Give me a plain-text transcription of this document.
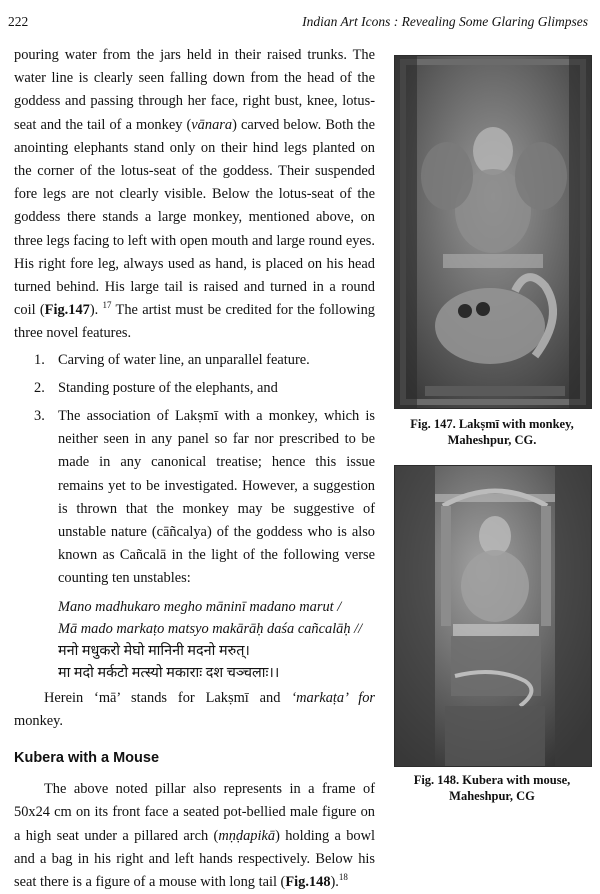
222	Indian Art Icons : Revealing Some Glaring Glimpses

pouring water from the jars held in their raised trunks. The water line is clearly seen falling down from the head of the goddess and passing through her face, right bust, knee, lotus-seat and the tail of a monkey (vānara) carved below. Both the anointing elephants stand only on their hind legs planted on the corner of the lotus-seat of the goddess. Their suspended fore legs are not clearly visible. Below the lotus-seat of the goddess there stands a large monkey, mentioned above, on three legs facing to left with open mouth and large round eyes. His right fore leg, always used as hand, is placed on his head turned behind. His large tail is raised and turned in a round coil (Fig.147). $^{17}$ The artist must be credited for the following three novel features.

1. Carving of water line, an unparallel feature.
2. Standing posture of the elephants, and
3. The association of Lakṣmī with a monkey, which is neither seen in any panel so far nor prescribed to be made in any canonical treatise; hence this issue remains yet to be investigated. However, a suggestion is thrown that the monkey may be suggestive of unstable nature (cāñcalya) of the goddess who is also known as Cañcalā in the light of the following verse counting ten unstables:
Mano madhukaro megho māninī madano marut /
Mā mado markaṭo matsyo makārāḥ daśa cañcalāḥ //
मनो मधुकरो मेघो मानिनी मदनो मरुत्।
मा मदो मर्कटो मत्स्यो मकाराः दश चञ्चलाः।।

Herein ‘mā’ stands for Lakṣmī and ‘markaṭa’ for monkey.

Kubera with a Mouse

The above noted pillar also represents in a frame of 50x24 cm on its front face a seated pot-bellied male figure on a high seat under a pillared arch (mṇḍapikā) holding a bowl and a bag in his right and left hands respectively. Below his seat there is a figure of a mouse with long tail (Fig.148).$^{18}$

Fig. 147. Lakṣmī with monkey,
Maheshpur, CG.
Fig. 148. Kubera with mouse,
Maheshpur, CG
